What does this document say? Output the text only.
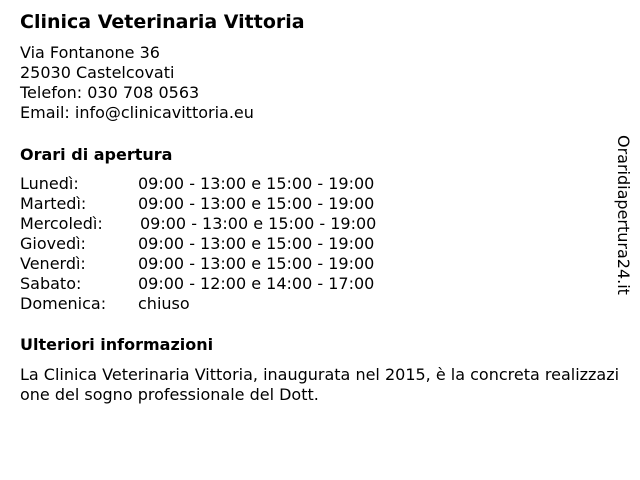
Clinica Veterinaria Vittoria
Via Fontanone 36
25030 Castelcovati
Telefon: 030 708 0563
Email: info@clinicavittoria.eu
Orari di apertura
Lunedì:	09:00 - 13:00 e 15:00 - 19:00
Martedì:	09:00 - 13:00 e 15:00 - 19:00
Mercoledì: 09:00 - 13:00 e 15:00 - 19:00
Giovedì:	09:00 - 13:00 e 15:00 - 19:00
Venerdì:	09:00 - 13:00 e 15:00 - 19:00
Sabato:	09:00 - 12:00 e 14:00 - 17:00
Domenica: chiuso
Ulteriori informazioni

La Clinica Veterinaria Vittoria, inaugurata nel 2015, è la concreta realizzazione del sogno professionale del Dott.

Oraridiapertura24.it
